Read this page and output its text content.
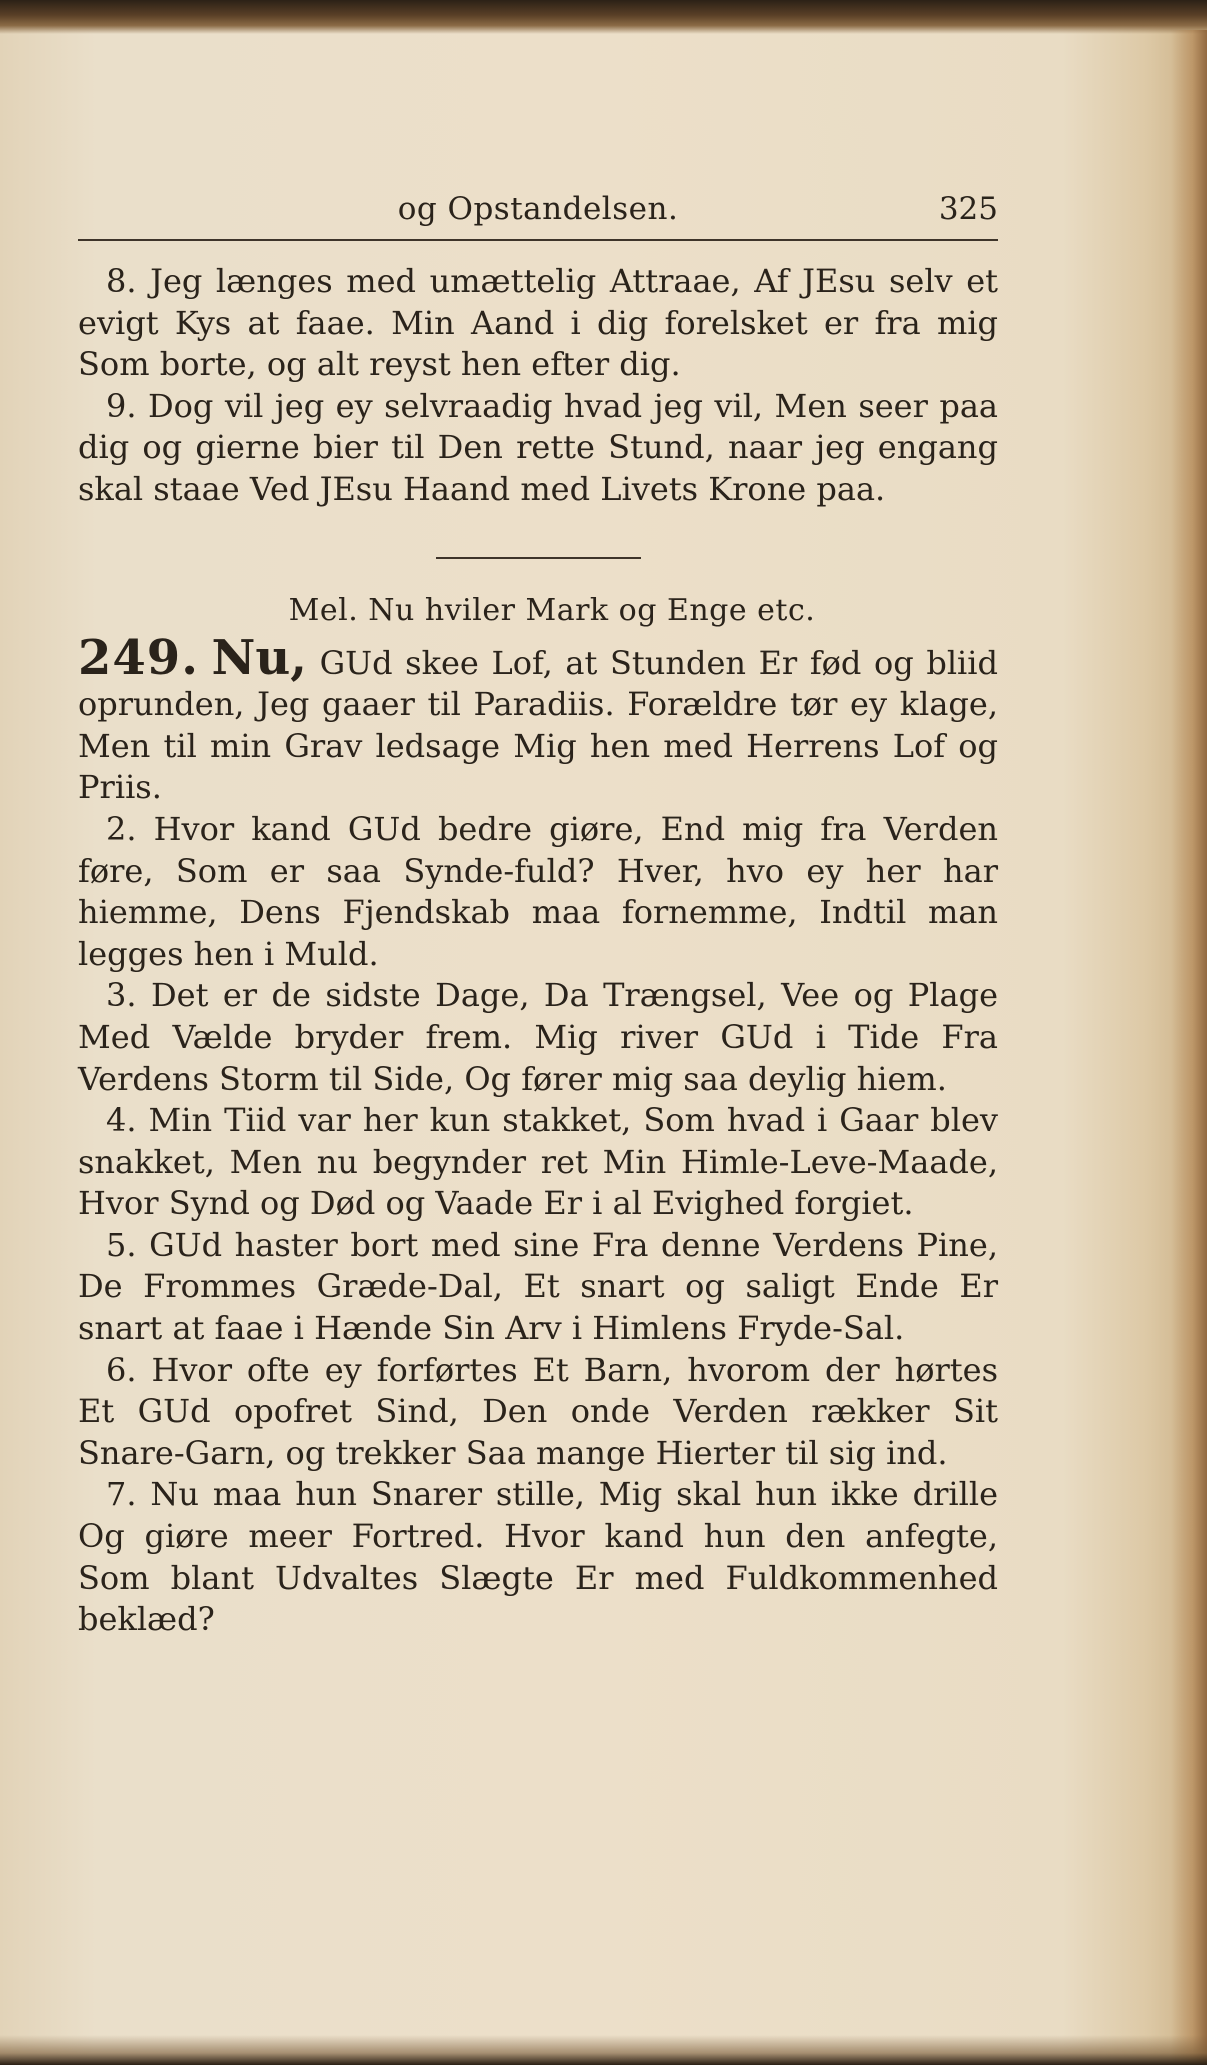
og Opstandelsen.	325

8. Jeg længes med umættelig Attraae, Af JEsu selv et evigt Kys at faae. Min Aand i dig forelsket er fra mig Som borte, og alt reyst hen efter dig.

9. Dog vil jeg ey selvraadig hvad jeg vil, Men seer paa dig og gierne bier til Den rette Stund, naar jeg engang skal staae Ved JEsu Haand med Livets Krone paa.

Mel. Nu hviler Mark og Enge etc.

249. Nu, GUd skee Lof, at Stunden Er fød og bliid oprunden, Jeg gaaer til Paradiis. Forældre tør ey klage, Men til min Grav ledsage Mig hen med Herrens Lof og Priis.

2. Hvor kand GUd bedre giøre, End mig fra Verden føre, Som er saa Synde-fuld? Hver, hvo ey her har hiemme, Dens Fjendskab maa fornemme, Indtil man legges hen i Muld.

3. Det er de sidste Dage, Da Trængsel, Vee og Plage Med Vælde bryder frem. Mig river GUd i Tide Fra Verdens Storm til Side, Og fører mig saa deylig hiem.

4. Min Tiid var her kun stakket, Som hvad i Gaar blev snakket, Men nu begynder ret Min Himle-Leve-Maade, Hvor Synd og Død og Vaade Er i al Evighed forgiet.

5. GUd haster bort med sine Fra denne Verdens Pine, De Frommes Græde-Dal, Et snart og saligt Ende Er snart at faae i Hænde Sin Arv i Himlens Fryde-Sal.

6. Hvor ofte ey forførtes Et Barn, hvorom der hørtes Et GUd opofret Sind, Den onde Verden rækker Sit Snare-Garn, og trekker Saa mange Hierter til sig ind.

7. Nu maa hun Snarer stille, Mig skal hun ikke drille Og giøre meer Fortred. Hvor kand hun den anfegte, Som blant Udvaltes Slægte Er med Fuldkommenhed beklæd?
